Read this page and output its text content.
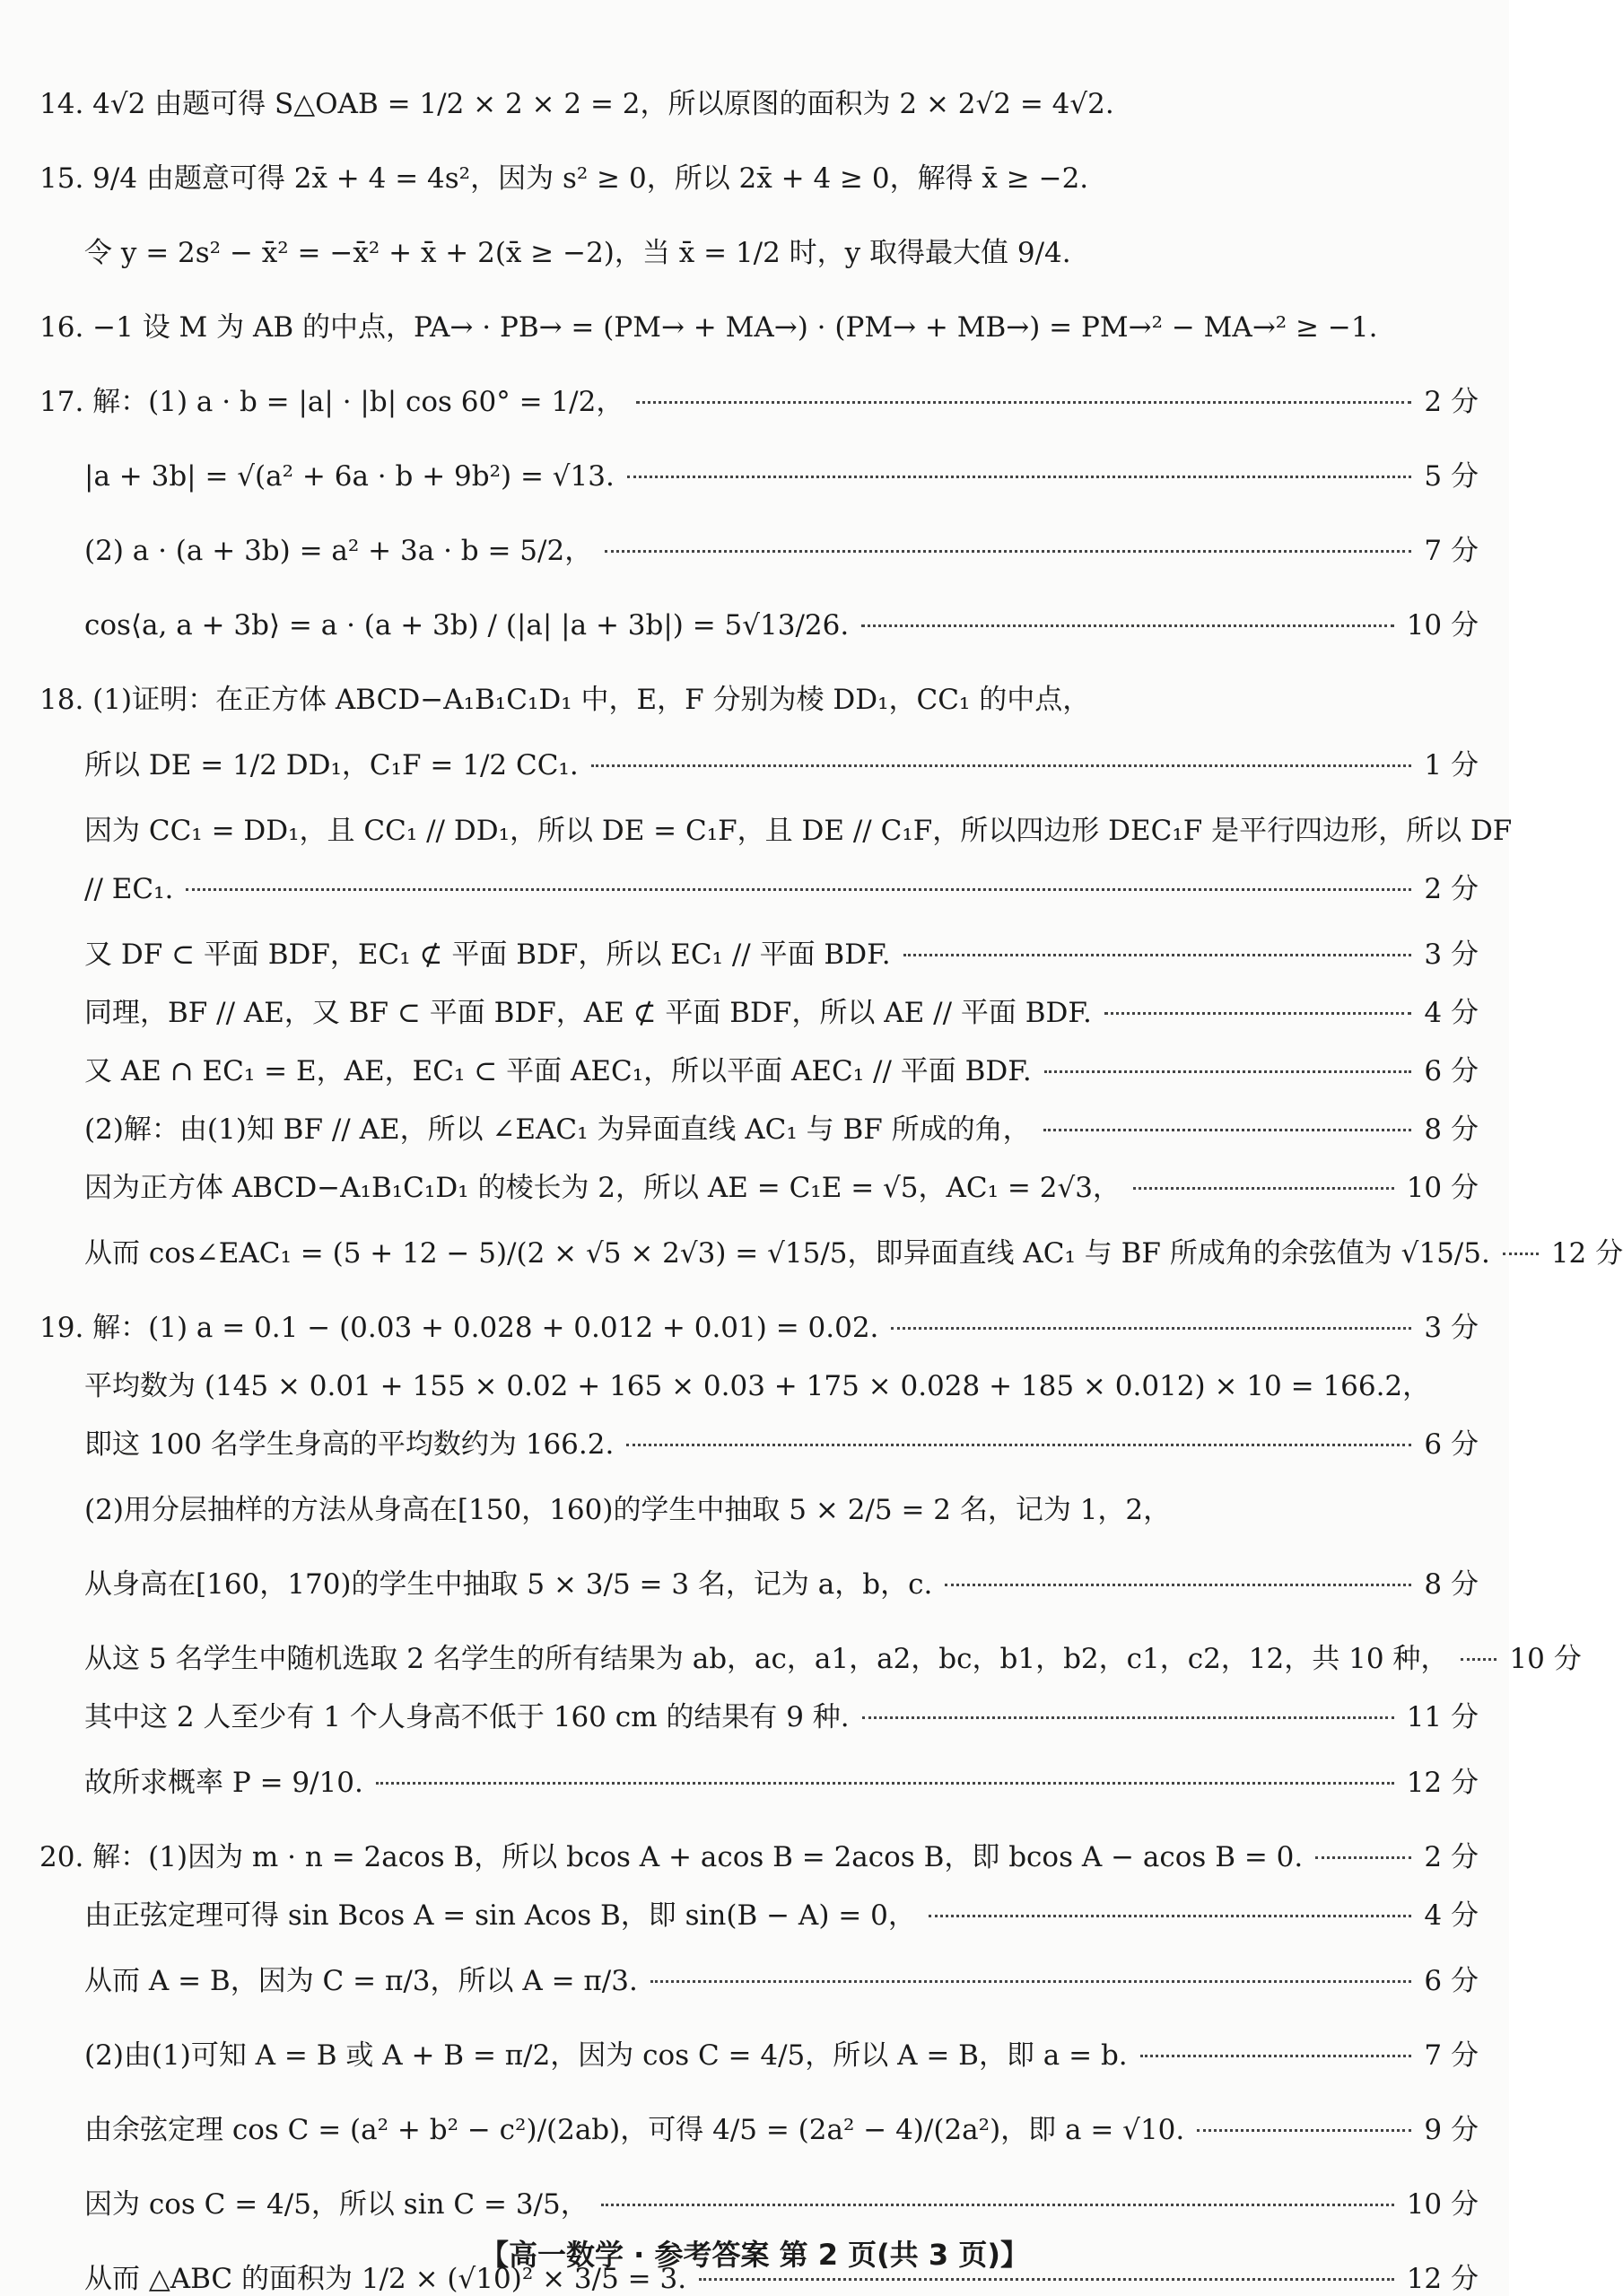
14. 4√2 由题可得 S△OAB = 1/2 × 2 × 2 = 2，所以原图的面积为 2 × 2√2 = 4√2.
15. 9/4 由题意可得 2x̄ + 4 = 4s²，因为 s² ≥ 0，所以 2x̄ + 4 ≥ 0，解得 x̄ ≥ −2.
令 y = 2s² − x̄² = −x̄² + x̄ + 2(x̄ ≥ −2)，当 x̄ = 1/2 时，y 取得最大值 9/4.
16. −1 设 M 为 AB 的中点，PA→ · PB→ = (PM→ + MA→) · (PM→ + MB→) = PM→² − MA→² ≥ −1.
17. 解：(1) a · b = |a| · |b| cos 60° = 1/2，	2 分
|a + 3b| = √(a² + 6a · b + 9b²) = √13.	5 分
(2) a · (a + 3b) = a² + 3a · b = 5/2，	7 分
cos⟨a, a + 3b⟩ = a · (a + 3b) / (|a| |a + 3b|) = 5√13/26.	10 分
18. (1)证明：在正方体 ABCD−A₁B₁C₁D₁ 中，E，F 分别为棱 DD₁，CC₁ 的中点，
所以 DE = 1/2 DD₁，C₁F = 1/2 CC₁.	1 分
因为 CC₁ = DD₁，且 CC₁ // DD₁，所以 DE = C₁F，且 DE // C₁F，所以四边形 DEC₁F 是平行四边形，所以 DF
// EC₁.	2 分
又 DF ⊂ 平面 BDF，EC₁ ⊄ 平面 BDF，所以 EC₁ // 平面 BDF.	3 分
同理，BF // AE，又 BF ⊂ 平面 BDF，AE ⊄ 平面 BDF，所以 AE // 平面 BDF.	4 分
又 AE ∩ EC₁ = E，AE，EC₁ ⊂ 平面 AEC₁，所以平面 AEC₁ // 平面 BDF.	6 分
(2)解：由(1)知 BF // AE，所以 ∠EAC₁ 为异面直线 AC₁ 与 BF 所成的角，	8 分
因为正方体 ABCD−A₁B₁C₁D₁ 的棱长为 2，所以 AE = C₁E = √5，AC₁ = 2√3，	10 分
从而 cos∠EAC₁ = (5 + 12 − 5)/(2 × √5 × 2√3) = √15/5，即异面直线 AC₁ 与 BF 所成角的余弦值为 √15/5. 12 分
19. 解：(1) a = 0.1 − (0.03 + 0.028 + 0.012 + 0.01) = 0.02.	3 分
平均数为 (145 × 0.01 + 155 × 0.02 + 165 × 0.03 + 175 × 0.028 + 185 × 0.012) × 10 = 166.2，
即这 100 名学生身高的平均数约为 166.2.	6 分
(2)用分层抽样的方法从身高在[150，160)的学生中抽取 5 × 2/5 = 2 名，记为 1，2，
从身高在[160，170)的学生中抽取 5 × 3/5 = 3 名，记为 a，b，c.	8 分
从这 5 名学生中随机选取 2 名学生的所有结果为 ab，ac，a1，a2，bc，b1，b2，c1，c2，12，共 10 种， 10 分
其中这 2 人至少有 1 个人身高不低于 160 cm 的结果有 9 种.	11 分
故所求概率 P = 9/10.	12 分
20. 解：(1)因为 m · n = 2acos B，所以 bcos A + acos B = 2acos B，即 bcos A − acos B = 0.	2 分
由正弦定理可得 sin Bcos A = sin Acos B，即 sin(B − A) = 0，	4 分
从而 A = B，因为 C = π/3，所以 A = π/3.	6 分
(2)由(1)可知 A = B 或 A + B = π/2，因为 cos C = 4/5，所以 A = B，即 a = b.	7 分
由余弦定理 cos C = (a² + b² − c²)/(2ab)，可得 4/5 = (2a² − 4)/(2a²)，即 a = √10.	9 分
因为 cos C = 4/5，所以 sin C = 3/5，	10 分
从而 △ABC 的面积为 1/2 × (√10)² × 3/5 = 3.	12 分
【高一数学 · 参考答案 第 2 页(共 3 页)】
